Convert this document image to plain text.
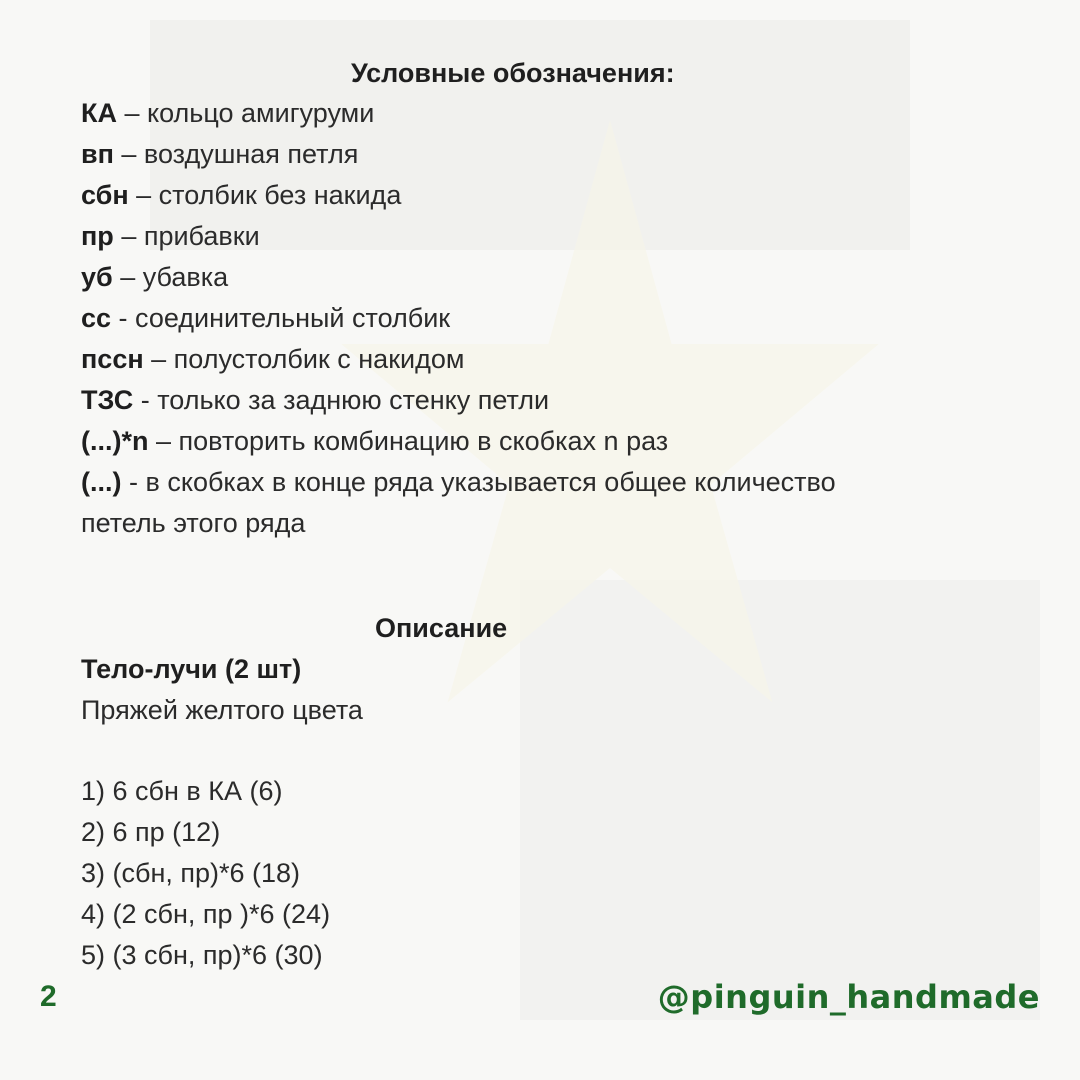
Условные обозначения:
КА – кольцо амигуруми
вп – воздушная петля
сбн – столбик без накида
пр – прибавки
уб – убавка
сс - соединительный столбик
пссн – полустолбик с накидом
ТЗС - только за заднюю стенку петли
(...)*n – повторить комбинацию в скобках n раз
(...) - в скобках в конце ряда указывается общее количество
петель этого ряда
Описание
Тело-лучи (2 шт)
Пряжей желтого цвета
1) 6 сбн в КА (6)
2) 6 пр (12)
3) (сбн, пр)*6 (18)
4) (2 сбн, пр )*6 (24)
5) (3 сбн, пр)*6 (30)
2	@pinguin_handmade
